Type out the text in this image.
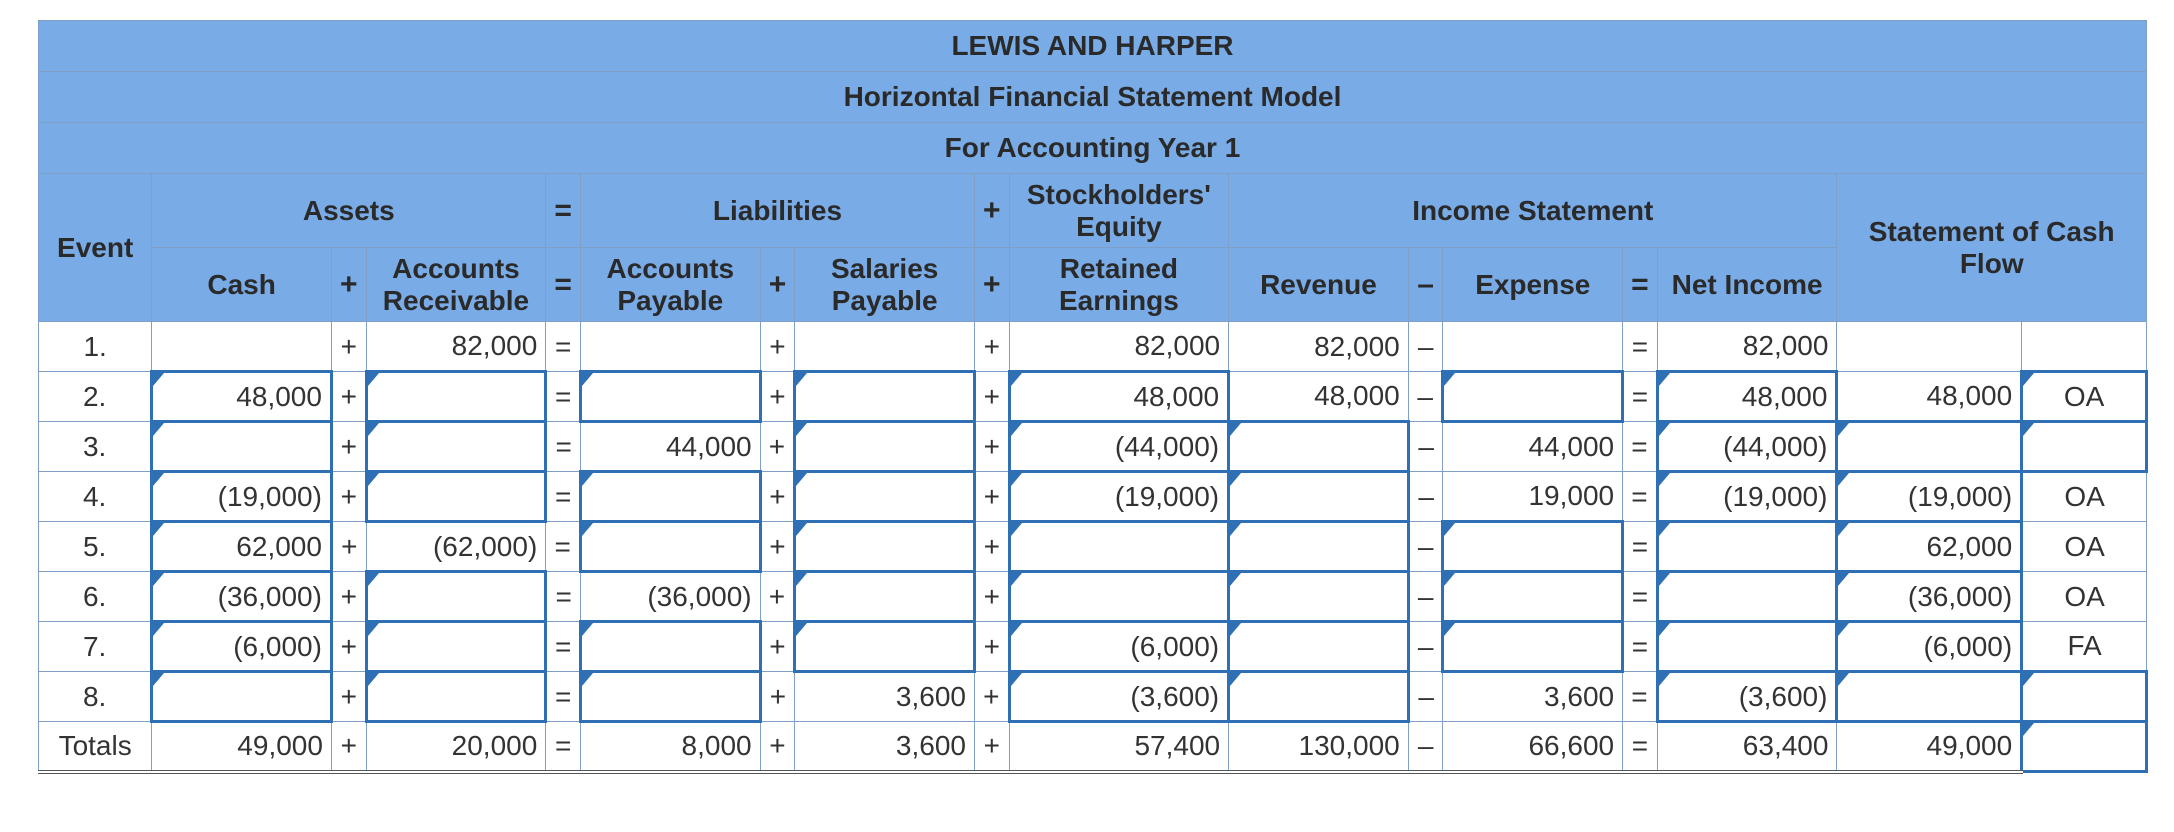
LEWIS AND HARPER																
Horizontal Financial Statement Model																
For Accounting Year 1																
Event	Assets			=	Liabilities			+	Stockholders' Equity	Income Statement					Statement of Cash Flow	
	Cash	+	Accounts Receivable	=	Accounts Payable	+	Salaries Payable	+	Retained Earnings	Revenue	–	Expense	=	Net Income		
1.		+	82,000	=		+		+	82,000	82,000	–		=	82,000		
2.	48,000	+		=		+		+	48,000	48,000	–		=	48,000	48,000	OA
3.		+		=	44,000	+		+	(44,000)		–	44,000	=	(44,000)		
4.	(19,000)	+		=		+		+	(19,000)		–	19,000	=	(19,000)	(19,000)	OA
5.	62,000	+	(62,000)	=		+		+			–		=		62,000	OA
6.	(36,000)	+		=	(36,000)	+		+			–		=		(36,000)	OA
7.	(6,000)	+		=		+		+	(6,000)		–		=		(6,000)	FA
8.		+		=		+	3,600	+	(3,600)		–	3,600	=	(3,600)		
Totals	49,000	+	20,000	=	8,000	+	3,600	+	57,400	130,000	–	66,600	=	63,400	49,000	
